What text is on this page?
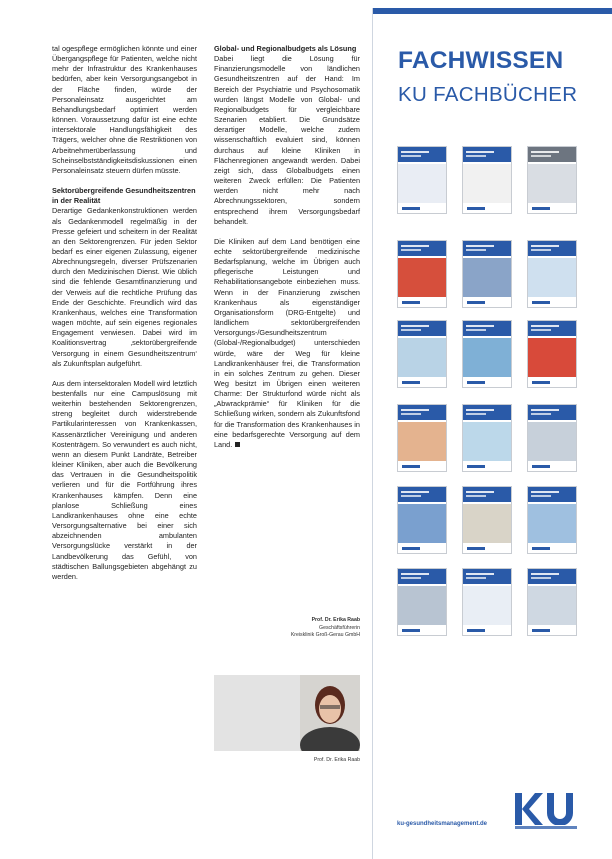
tal ogespflege ermöglichen könnte und einer Übergangspflege für Patienten, welche nicht mehr der Infrastruktur des Krankenhauses bedürfen, aber kein Versorgungsangebot in der Fläche finden, würde der Personaleinsatz ausgerichtet am Behandlungsbedarf optimiert werden können. Voraussetzung dafür ist eine echte intersektorale Handlungsfähigkeit des Trägers, welcher ohne die Restriktionen von Arbeitnehmerüberlassung und Scheinselbstständigkeitsdiskussionen einen Personaleinsatz steuern dürfen müsste.

Sektorübergreifende Gesundheitszentren in der Realität

Derartige Gedankenkonstruktionen werden als Gedankenmodell regelmäßig in der Presse gefeiert und scheitern in der Realität an den Sektorengrenzen. Für jeden Sektor bedarf es einer eigenen Zulassung, eigener Abrechnungsregeln, diverser Prüfszenarien durch den Medizinischen Dienst. Wie üblich sind die fehlende Gesamtfinanzierung und der Verweis auf die rechtliche Prüfung das Ende der Geschichte. Freundlich wird das Krankenhaus, welches eine Transformation wagen möchte, auf sein eigenes regionales Engagement verwiesen. Dabei wird im Koalitionsvertrag ‚sektorübergreifende Versorgung in einem Gesundheitszentrum‘ als Zukunftsplan aufgeführt.

Aus dem intersektoralen Modell wird letztlich bestenfalls nur eine Campuslösung mit weiterhin bestehenden Sektorengrenzen, streng begleitet durch widerstrebende Partikularinteressen von Krankenkassen, Kassenärztlicher Vereinigung und anderen Kostenträgern. So verwundert es auch nicht, wenn an diesem Punkt Landräte, Betreiber kleiner Kliniken, aber auch die Bevölkerung das Vertrauen in die Gesundheitspolitik verlieren und für die Fortführung ihres Krankenhauses kämpfen. Denn eine planlose Schließung eines Landkrankenhauses ohne eine echte Versorgungsalternative bei einer sich abzeichnenden ambulanten Versorgungslücke verstärkt in der Landbevölkerung das Gefühl, von städtischen Ballungsgebieten abgehängt zu werden.

Global- und Regionalbudgets als Lösung

Dabei liegt die Lösung für Finanzierungsmodelle von ländlichen Gesundheitszentren auf der Hand: Im Bereich der Psychiatrie und Psychosomatik wurden längst Modelle von Global- und Regionalbudgets für vergleichbare Szenarien etabliert. Die Grundsätze derartiger Modelle, welche zudem wissenschaftlich evaluiert sind, können durchaus auf kleine Kliniken in Flächenregionen angewandt werden. Dabei zeigt sich, dass Globalbudgets einen weiteren Zweck erfüllen: Die Patienten werden nicht mehr nach Abrechnungssektoren, sondern entsprechend ihrem Versorgungsbedarf behandelt.

Die Kliniken auf dem Land benötigen eine echte sektorübergreifende medizinische Bedarfsplanung, welche im Übrigen auch pflegerische Leistungen und Rehabilitationsangebote einbeziehen muss. Wenn in der Finanzierung zwischen Krankenhaus als eigenständiger Organisationsform (DRG-Entgelte) und ländlichem sektorübergreifenden Versorgungs-/Gesundheitszentrum (Global-/Regionalbudget) unterschieden würde, wäre der Weg für kleine Landkrankenhäuser frei, die Transformation in ein solches Zentrum zu gehen. Dieser Weg besitzt im Übrigen einen weiteren Charme: Der Strukturfond würde nicht als „Abwrackprämie“ für Kliniken für die Schließung wirken, sondern als Zukunftsfond für die Transformation des Krankenhauses in eine bedarfsgerechte Versorgung auf dem Land.

Prof. Dr. Erika Raab
Geschäftsführerin
Kreisklinik Groß-Gerau GmbH
Prof. Dr. Erika Raab
FACHWISSEN
KU FACHBÜCHER
ku-gesundheitsmanagement.de
